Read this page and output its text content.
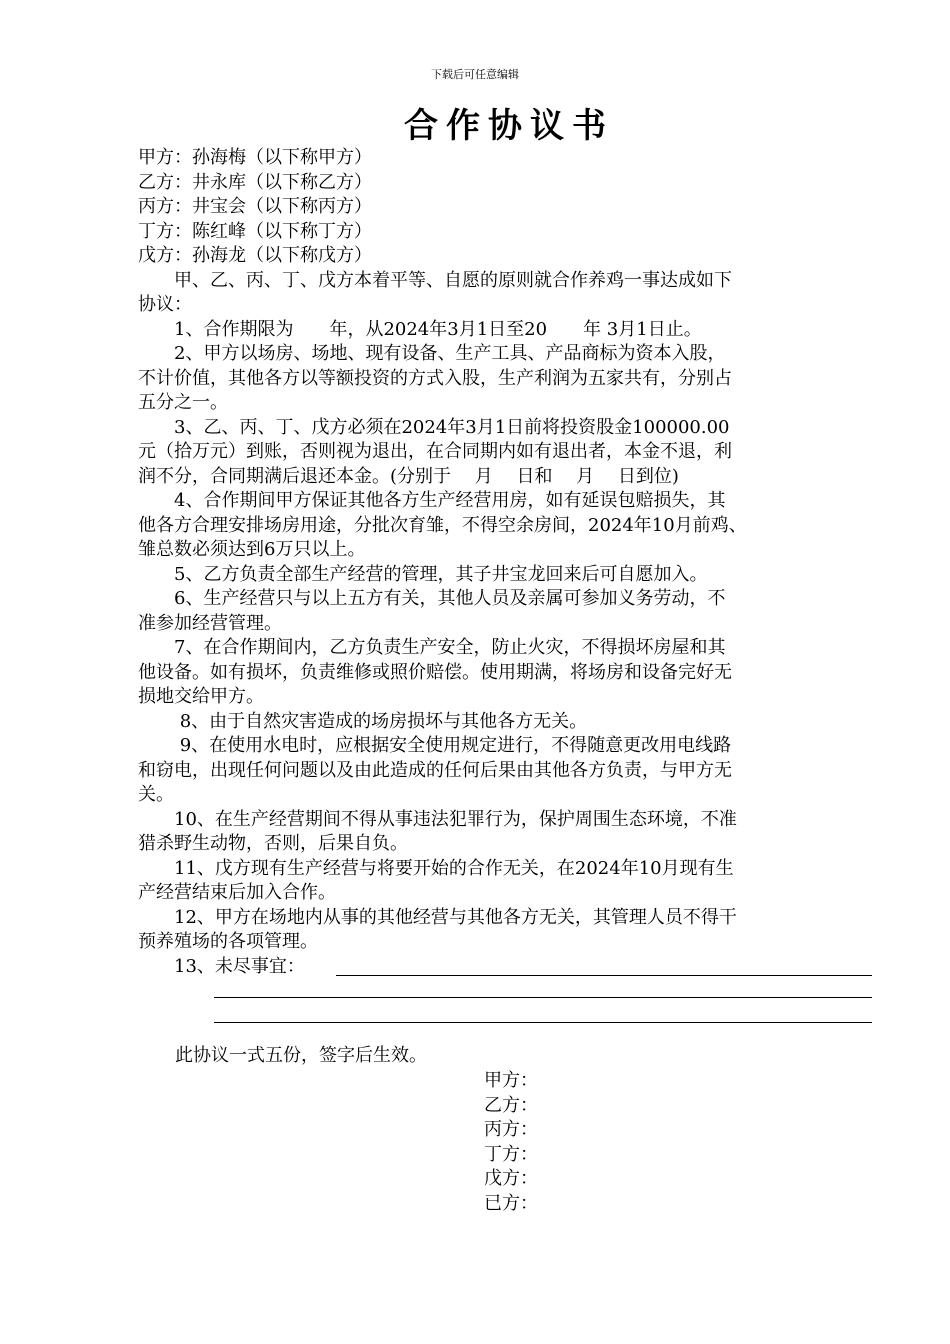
下载后可任意编辑
合作协议书
甲方：孙海梅（以下称甲方）
乙方：井永库（以下称乙方）
丙方：井宝会（以下称丙方）
丁方：陈红峰（以下称丁方）
戊方：孙海龙（以下称戊方）
　　甲、乙、丙、丁、戊方本着平等、自愿的原则就合作养鸡一事达成如下
协议：
　　1、合作期限为　　年，从2024年3月1日至20　　年 3月1日止。
　　2、甲方以场房、场地、现有设备、生产工具、产品商标为资本入股，
不计价值，其他各方以等额投资的方式入股，生产利润为五家共有，分别占
五分之一。
　　3、乙、丙、丁、戊方必须在2024年3月1日前将投资股金100000.00
元（拾万元）到账，否则视为退出，在合同期内如有退出者，本金不退，利
润不分，合同期满后退还本金。(分别于　 月　 日和　 月　 日到位)
　　4、合作期间甲方保证其他各方生产经营用房，如有延误包赔损失，其
他各方合理安排场房用途，分批次育雏，不得空余房间，2024年10月前鸡、
雏总数必须达到6万只以上。
　　5、乙方负责全部生产经营的管理，其子井宝龙回来后可自愿加入。
　　6、生产经营只与以上五方有关，其他人员及亲属可参加义务劳动，不
准参加经营管理。
　　7、在合作期间内，乙方负责生产安全，防止火灾，不得损坏房屋和其
他设备。如有损坏，负责维修或照价赔偿。使用期满，将场房和设备完好无
损地交给甲方。
　　 8、由于自然灾害造成的场房损坏与其他各方无关。
　　 9、在使用水电时，应根据安全使用规定进行，不得随意更改用电线路
和窃电，出现任何问题以及由此造成的任何后果由其他各方负责，与甲方无
关。
　　10、在生产经营期间不得从事违法犯罪行为，保护周围生态环境，不准
猎杀野生动物，否则，后果自负。
　　11、戊方现有生产经营与将要开始的合作无关，在2024年10月现有生
产经营结束后加入合作。
　　12、甲方在场地内从事的其他经营与其他各方无关，其管理人员不得干
预养殖场的各项管理。
　　13、未尽事宜：
此协议一式五份，签字后生效。
甲方：
乙方：
丙方：
丁方：
戊方：
已方：
